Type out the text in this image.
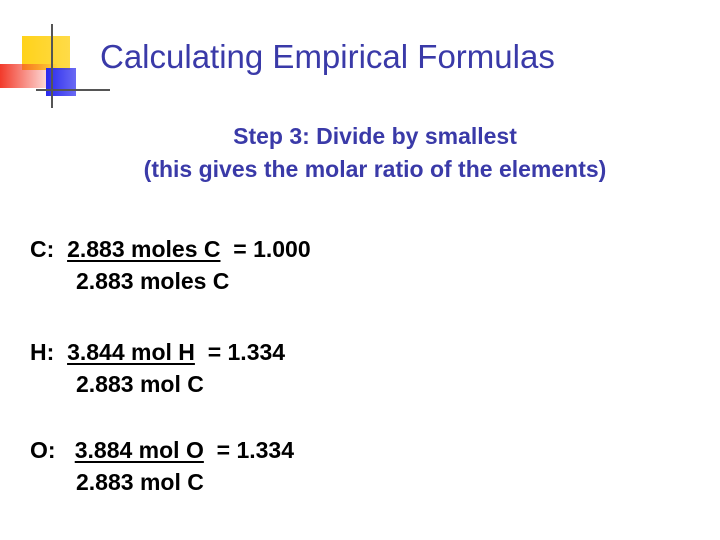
Calculating Empirical Formulas
Step 3: Divide by smallest
(this gives the molar ratio of the elements)
C: 2.883 moles C = 1.000
2.883 moles C
H: 3.844 mol H = 1.334
2.883 mol C
O: 3.884 mol O = 1.334
2.883 mol C
